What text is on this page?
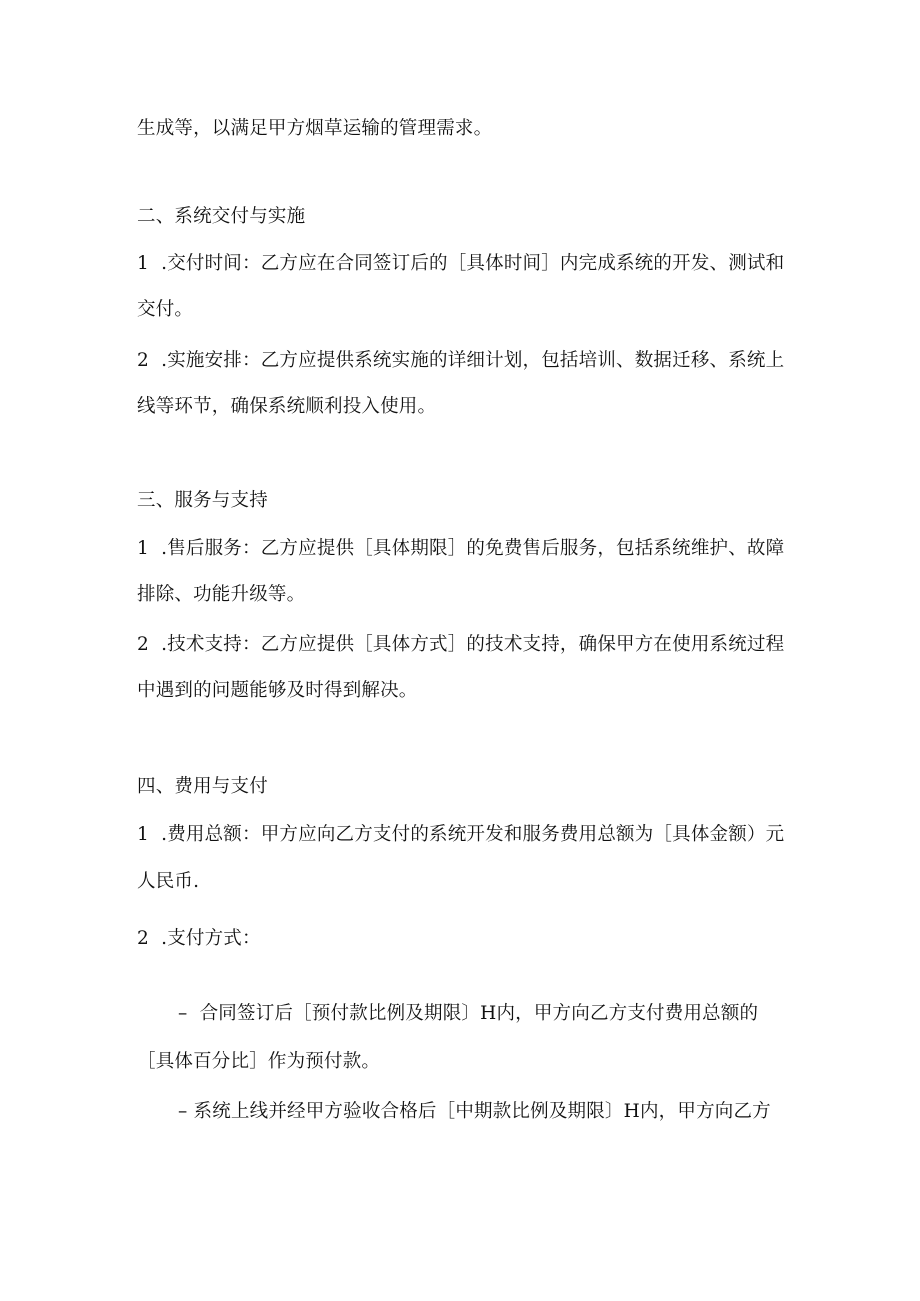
生成等，以满足甲方烟草运输的管理需求。
二、系统交付与实施
1  .交付时间：乙方应在合同签订后的［具体时间］内完成系统的开发、测试和
交付。
2  .实施安排：乙方应提供系统实施的详细计划，包括培训、数据迁移、系统上
线等环节，确保系统顺利投入使用。
三、服务与支持
1  .售后服务：乙方应提供［具体期限］的免费售后服务，包括系统维护、故障
排除、功能升级等。
2  .技术支持：乙方应提供［具体方式］的技术支持，确保甲方在使用系统过程
中遇到的问题能够及时得到解决。
四、费用与支付
1  .费用总额：甲方应向乙方支付的系统开发和服务费用总额为［具体金额）元
人民币.
2  .支付方式：
–  合同签订后［预付款比例及期限〕H内，甲方向乙方支付费用总额的
［具体百分比］作为预付款。
– 系统上线并经甲方验收合格后［中期款比例及期限〕H内，甲方向乙方
